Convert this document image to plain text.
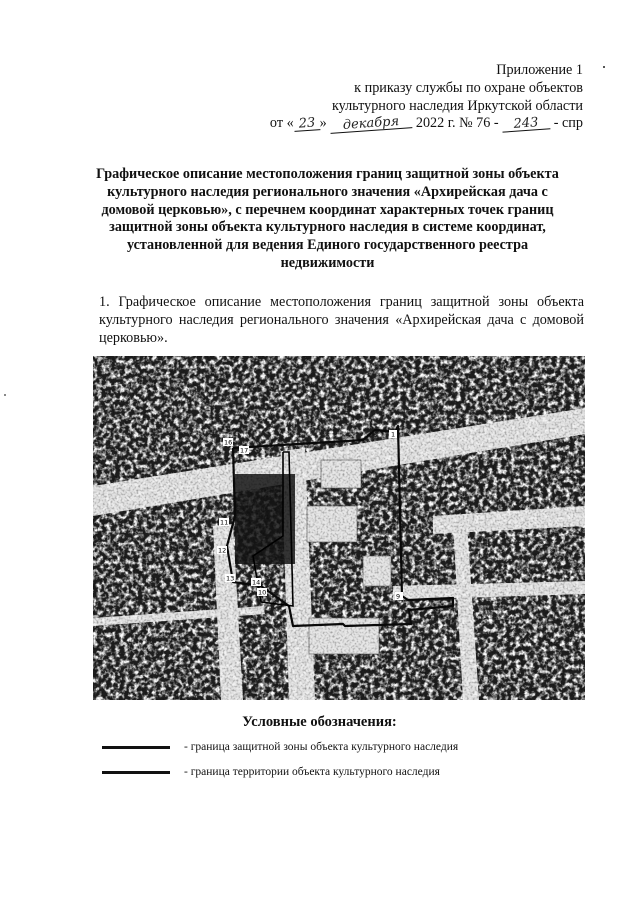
Приложение 1
к приказу службы по охране объектов
культурного наследия Иркутской области
от « 23 » декабря 2022 г. № 76 - 243 - спр
Графическое описание местоположения границ защитной зоны объекта культурного наследия регионального значения «Архирейская дача с домовой церковью», с перечнем координат характерных точек границ защитной зоны объекта культурного наследия в системе координат, установленной для ведения Единого государственного реестра недвижимости
1. Графическое описание местоположения границ защитной зоны объекта культурного наследия регионального значения «Архирейская дача с домовой церковью».
16
17
11
12
13	14
10	9
1
Условные обозначения:
- граница защитной зоны объекта культурного наследия
- граница территории объекта культурного наследия
